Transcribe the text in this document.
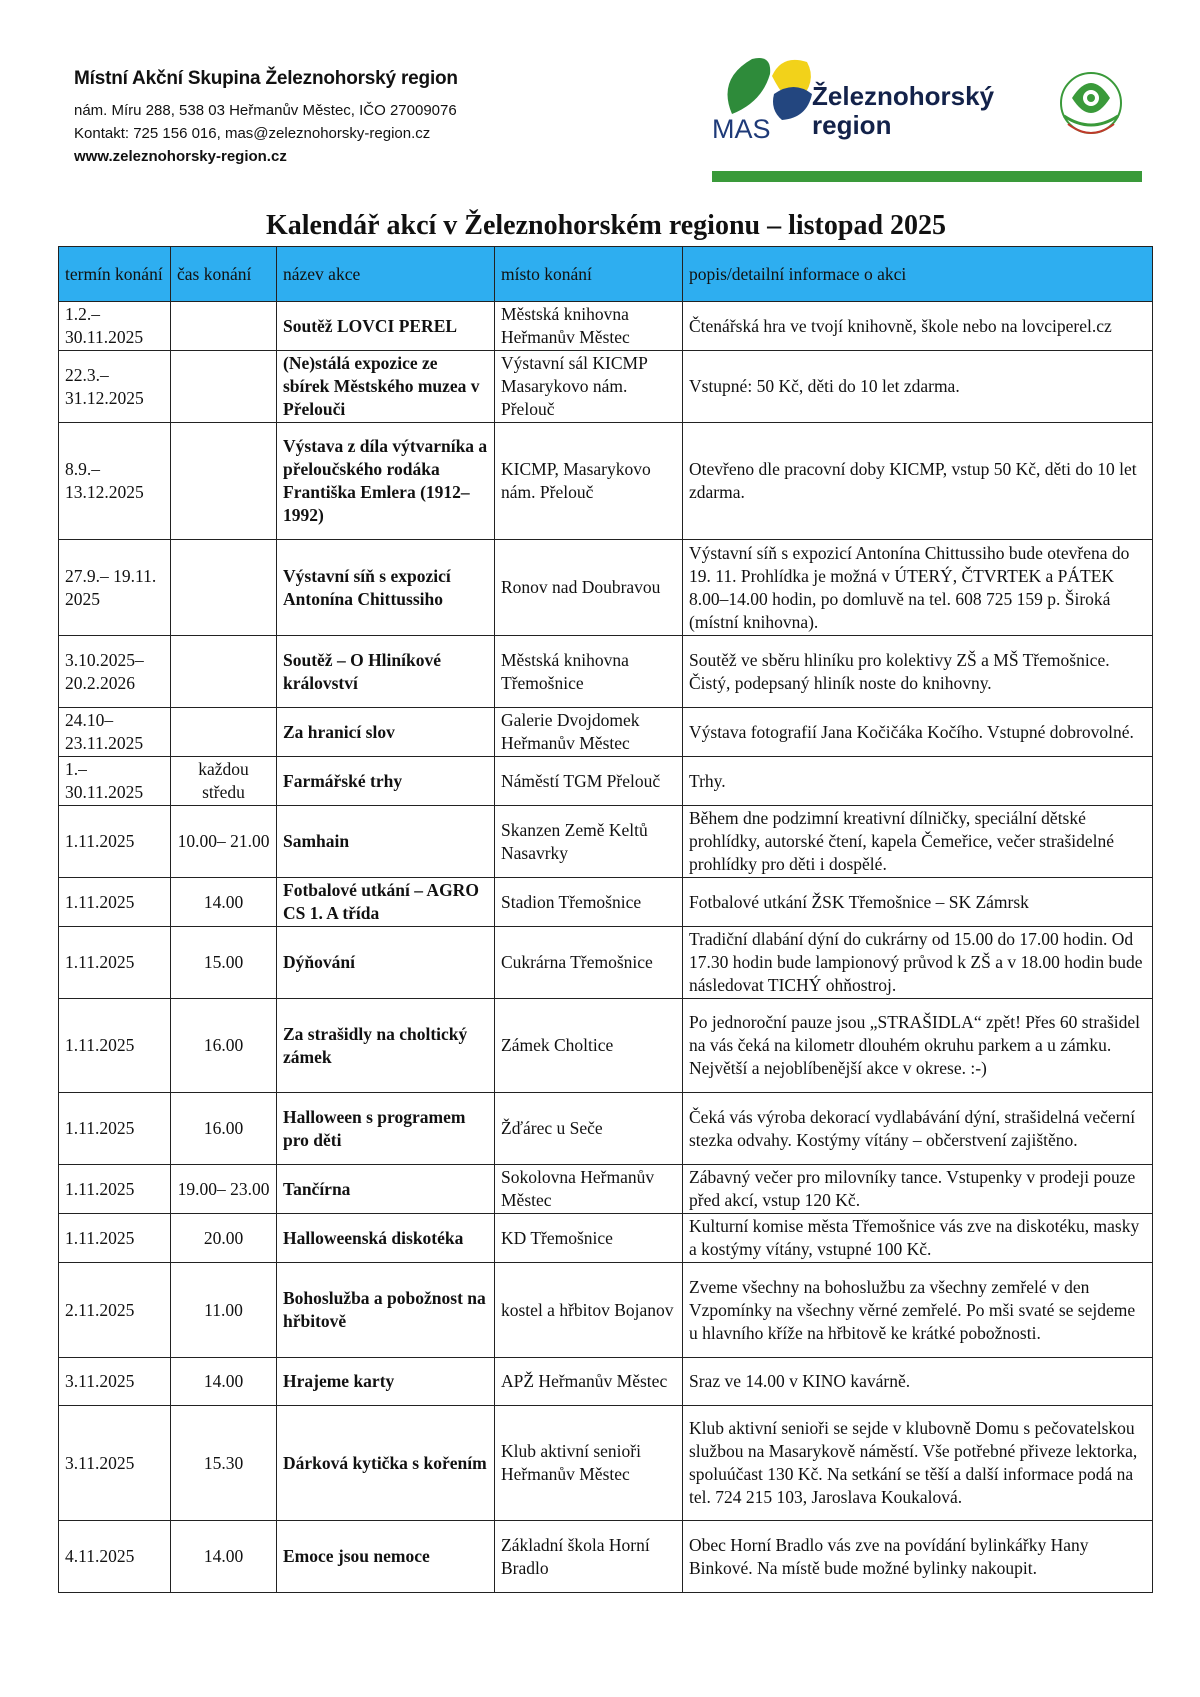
Místní Akční Skupina Železnohorský region
nám. Míru 288, 538 03 Heřmanův Městec, IČO 27009076
Kontakt: 725 156 016, mas@zeleznohorsky-region.cz
www.zeleznohorsky-region.cz
MAS
Železnohorský
region
Kalendář akcí v Železnohorském regionu – listopad 2025
termín konání	čas konání	název akce	místo konání	popis/detailní informace o akci
1.2.– 30.11.2025		Soutěž LOVCI PEREL	Městská knihovna Heřmanův Městec	Čtenářská hra ve tvojí knihovně, škole nebo na lovciperel.cz
22.3.– 31.12.2025		(Ne)stálá expozice ze sbírek Městského muzea v Přelouči	Výstavní sál KICMP Masarykovo nám. Přelouč	Vstupné: 50 Kč, děti do 10 let zdarma.
8.9.– 13.12.2025		Výstava z díla výtvarníka a přeloučského rodáka Františka Emlera (1912–1992)	KICMP, Masarykovo nám. Přelouč	Otevřeno dle pracovní doby KICMP, vstup 50 Kč, děti do 10 let zdarma.
27.9.– 19.11. 2025		Výstavní síň s expozicí Antonína Chittussiho	Ronov nad Doubravou	Výstavní síň s expozicí Antonína Chittussiho bude otevřena do 19. 11. Prohlídka je možná v ÚTERÝ, ČTVRTEK a PÁTEK 8.00–14.00 hodin, po domluvě na tel. 608 725 159 p. Široká (místní knihovna).
3.10.2025– 20.2.2026		Soutěž – O Hliníkové království	Městská knihovna Třemošnice	Soutěž ve sběru hliníku pro kolektivy ZŠ a MŠ Třemošnice. Čistý, podepsaný hliník noste do knihovny.
24.10– 23.11.2025		Za hranicí slov	Galerie Dvojdomek Heřmanův Městec	Výstava fotografií Jana Kočičáka Kočího. Vstupné dobrovolné.
1.– 30.11.2025	každou středu	Farmářské trhy	Náměstí TGM Přelouč	Trhy.
1.11.2025	10.00– 21.00	Samhain	Skanzen Země Keltů Nasavrky	Během dne podzimní kreativní dílničky, speciální dětské prohlídky, autorské čtení, kapela Čemeřice, večer strašidelné prohlídky pro děti i dospělé.
1.11.2025	14.00	Fotbalové utkání – AGRO CS 1. A třída	Stadion Třemošnice	Fotbalové utkání ŽSK Třemošnice – SK Zámrsk
1.11.2025	15.00	Dýňování	Cukrárna Třemošnice	Tradiční dlabání dýní do cukrárny od 15.00 do 17.00 hodin. Od 17.30 hodin bude lampionový průvod k ZŠ a v 18.00 hodin bude následovat TICHÝ ohňostroj.
1.11.2025	16.00	Za strašidly na choltický zámek	Zámek Choltice	Po jednoroční pauze jsou „STRAŠIDLA“ zpět! Přes 60 strašidel na vás čeká na kilometr dlouhém okruhu parkem a u zámku. Největší a nejoblíbenější akce v okrese. :-)
1.11.2025	16.00	Halloween s programem pro děti	Žďárec u Seče	Čeká vás výroba dekorací vydlabávání dýní, strašidelná večerní stezka odvahy. Kostýmy vítány – občerstvení zajištěno.
1.11.2025	19.00– 23.00	Tančírna	Sokolovna Heřmanův Městec	Zábavný večer pro milovníky tance. Vstupenky v prodeji pouze před akcí, vstup 120 Kč.
1.11.2025	20.00	Halloweenská diskotéka	KD Třemošnice	Kulturní komise města Třemošnice vás zve na diskotéku, masky a kostýmy vítány, vstupné 100 Kč.
2.11.2025	11.00	Bohoslužba a pobožnost na hřbitově	kostel a hřbitov Bojanov	Zveme všechny na bohoslužbu za všechny zemřelé v den Vzpomínky na všechny věrné zemřelé. Po mši svaté se sejdeme u hlavního kříže na hřbitově ke krátké pobožnosti.
3.11.2025	14.00	Hrajeme karty	APŽ Heřmanův Městec	Sraz ve 14.00 v KINO kavárně.
3.11.2025	15.30	Dárková kytička s kořením	Klub aktivní senioři Heřmanův Městec	Klub aktivní senioři se sejde v klubovně Domu s pečovatelskou službou na Masarykově náměstí. Vše potřebné přiveze lektorka, spoluúčast 130 Kč. Na setkání se těší a další informace podá na tel. 724 215 103, Jaroslava Koukalová.
4.11.2025	14.00	Emoce jsou nemoce	Základní škola Horní Bradlo	Obec Horní Bradlo vás zve na povídání bylinkářky Hany Binkové. Na místě bude možné bylinky nakoupit.
